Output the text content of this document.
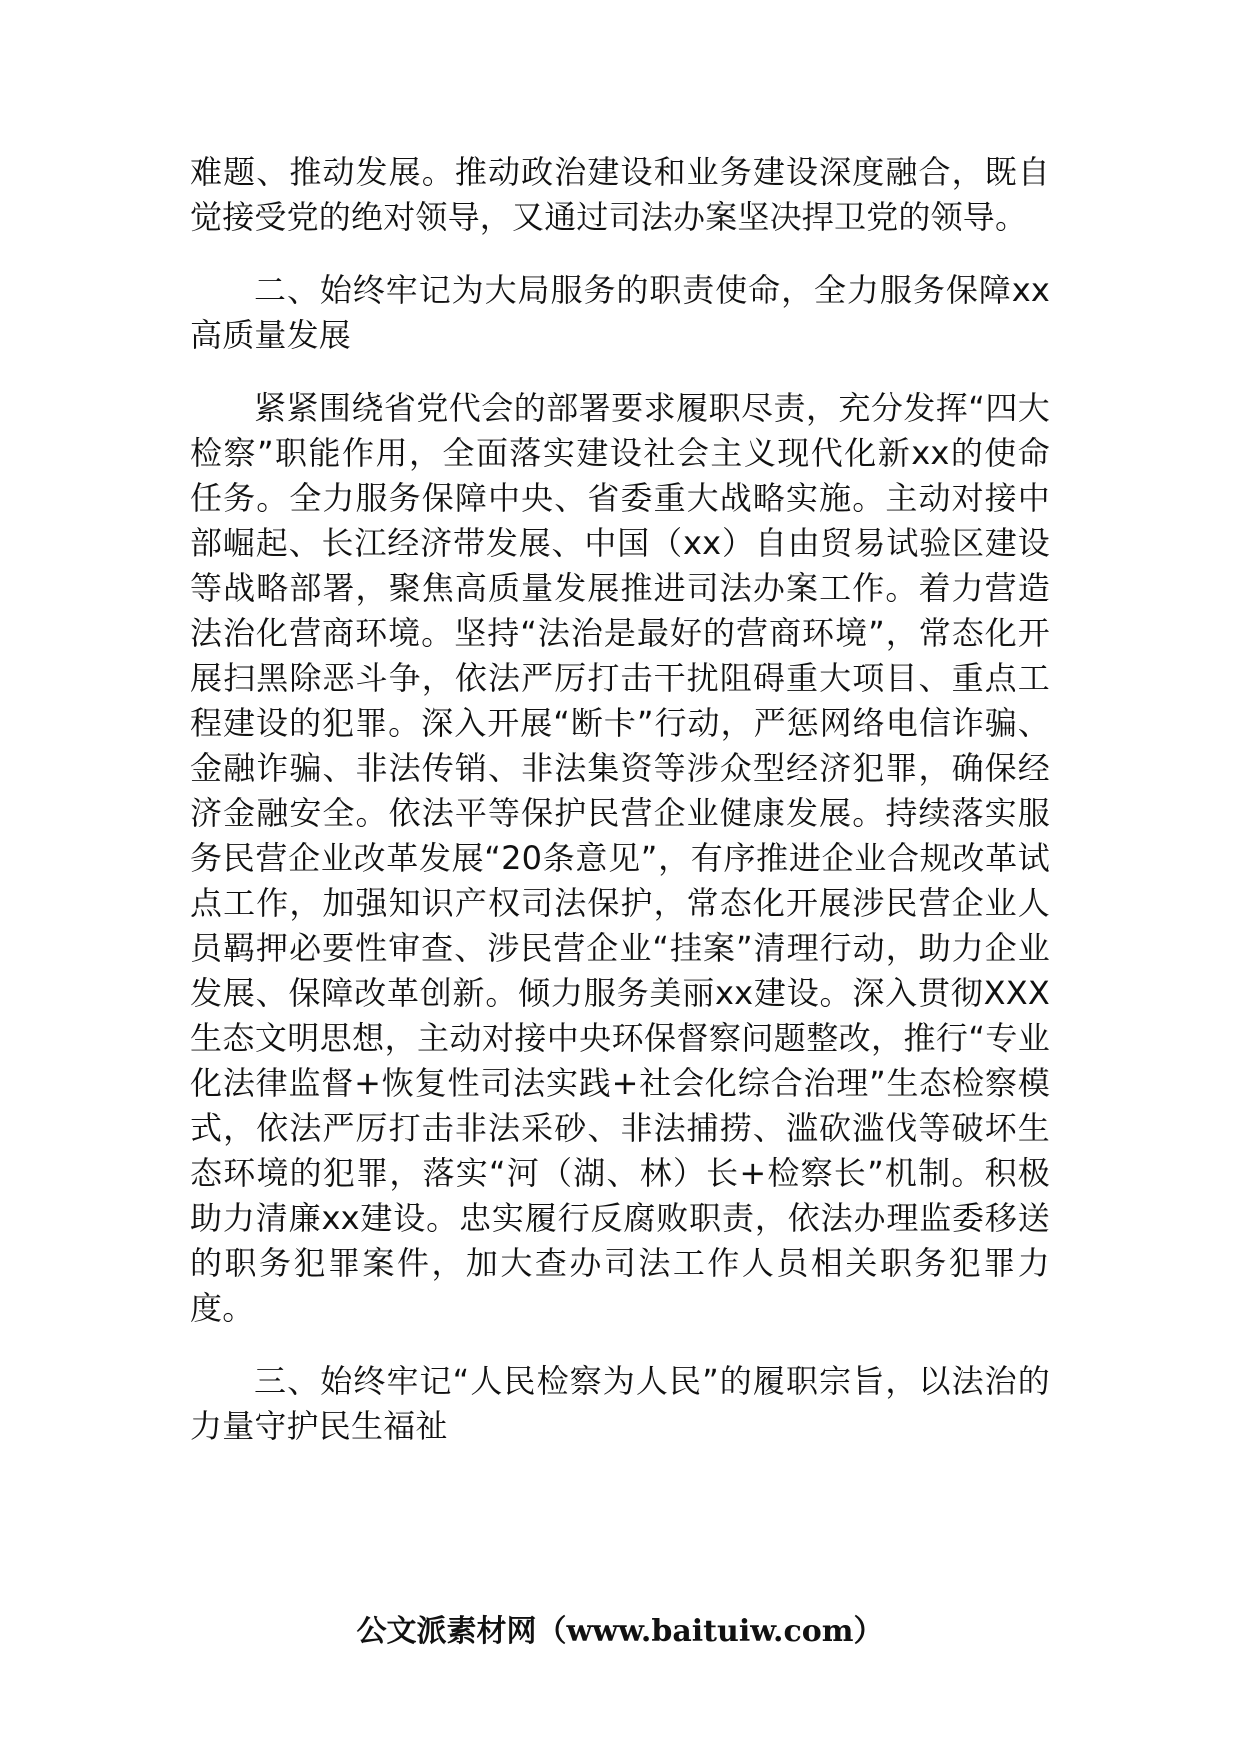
难题、推动发展。推动政治建设和业务建设深度融合，既自觉接受党的绝对领导，又通过司法办案坚决捍卫党的领导。

二、始终牢记为大局服务的职责使命，全力服务保障xx高质量发展

紧紧围绕省党代会的部署要求履职尽责，充分发挥“四大检察”职能作用，全面落实建设社会主义现代化新xx的使命任务。全力服务保障中央、省委重大战略实施。主动对接中部崛起、长江经济带发展、中国（xx）自由贸易试验区建设等战略部署，聚焦高质量发展推进司法办案工作。着力营造法治化营商环境。坚持“法治是最好的营商环境”，常态化开展扫黑除恶斗争，依法严厉打击干扰阻碍重大项目、重点工程建设的犯罪。深入开展“断卡”行动，严惩网络电信诈骗、金融诈骗、非法传销、非法集资等涉众型经济犯罪，确保经济金融安全。依法平等保护民营企业健康发展。持续落实服务民营企业改革发展“20条意见”，有序推进企业合规改革试点工作，加强知识产权司法保护，常态化开展涉民营企业人员羁押必要性审查、涉民营企业“挂案”清理行动，助力企业发展、保障改革创新。倾力服务美丽xx建设。深入贯彻XXX生态文明思想，主动对接中央环保督察问题整改，推行“专业化法律监督+恢复性司法实践+社会化综合治理”生态检察模式，依法严厉打击非法采砂、非法捕捞、滥砍滥伐等破坏生态环境的犯罪，落实“河（湖、林）长+检察长”机制。积极助力清廉xx建设。忠实履行反腐败职责，依法办理监委移送的职务犯罪案件，加大查办司法工作人员相关职务犯罪力度。

三、始终牢记“人民检察为人民”的履职宗旨，以法治的力量守护民生福祉

公文派素材网（www.baituiw.com）
